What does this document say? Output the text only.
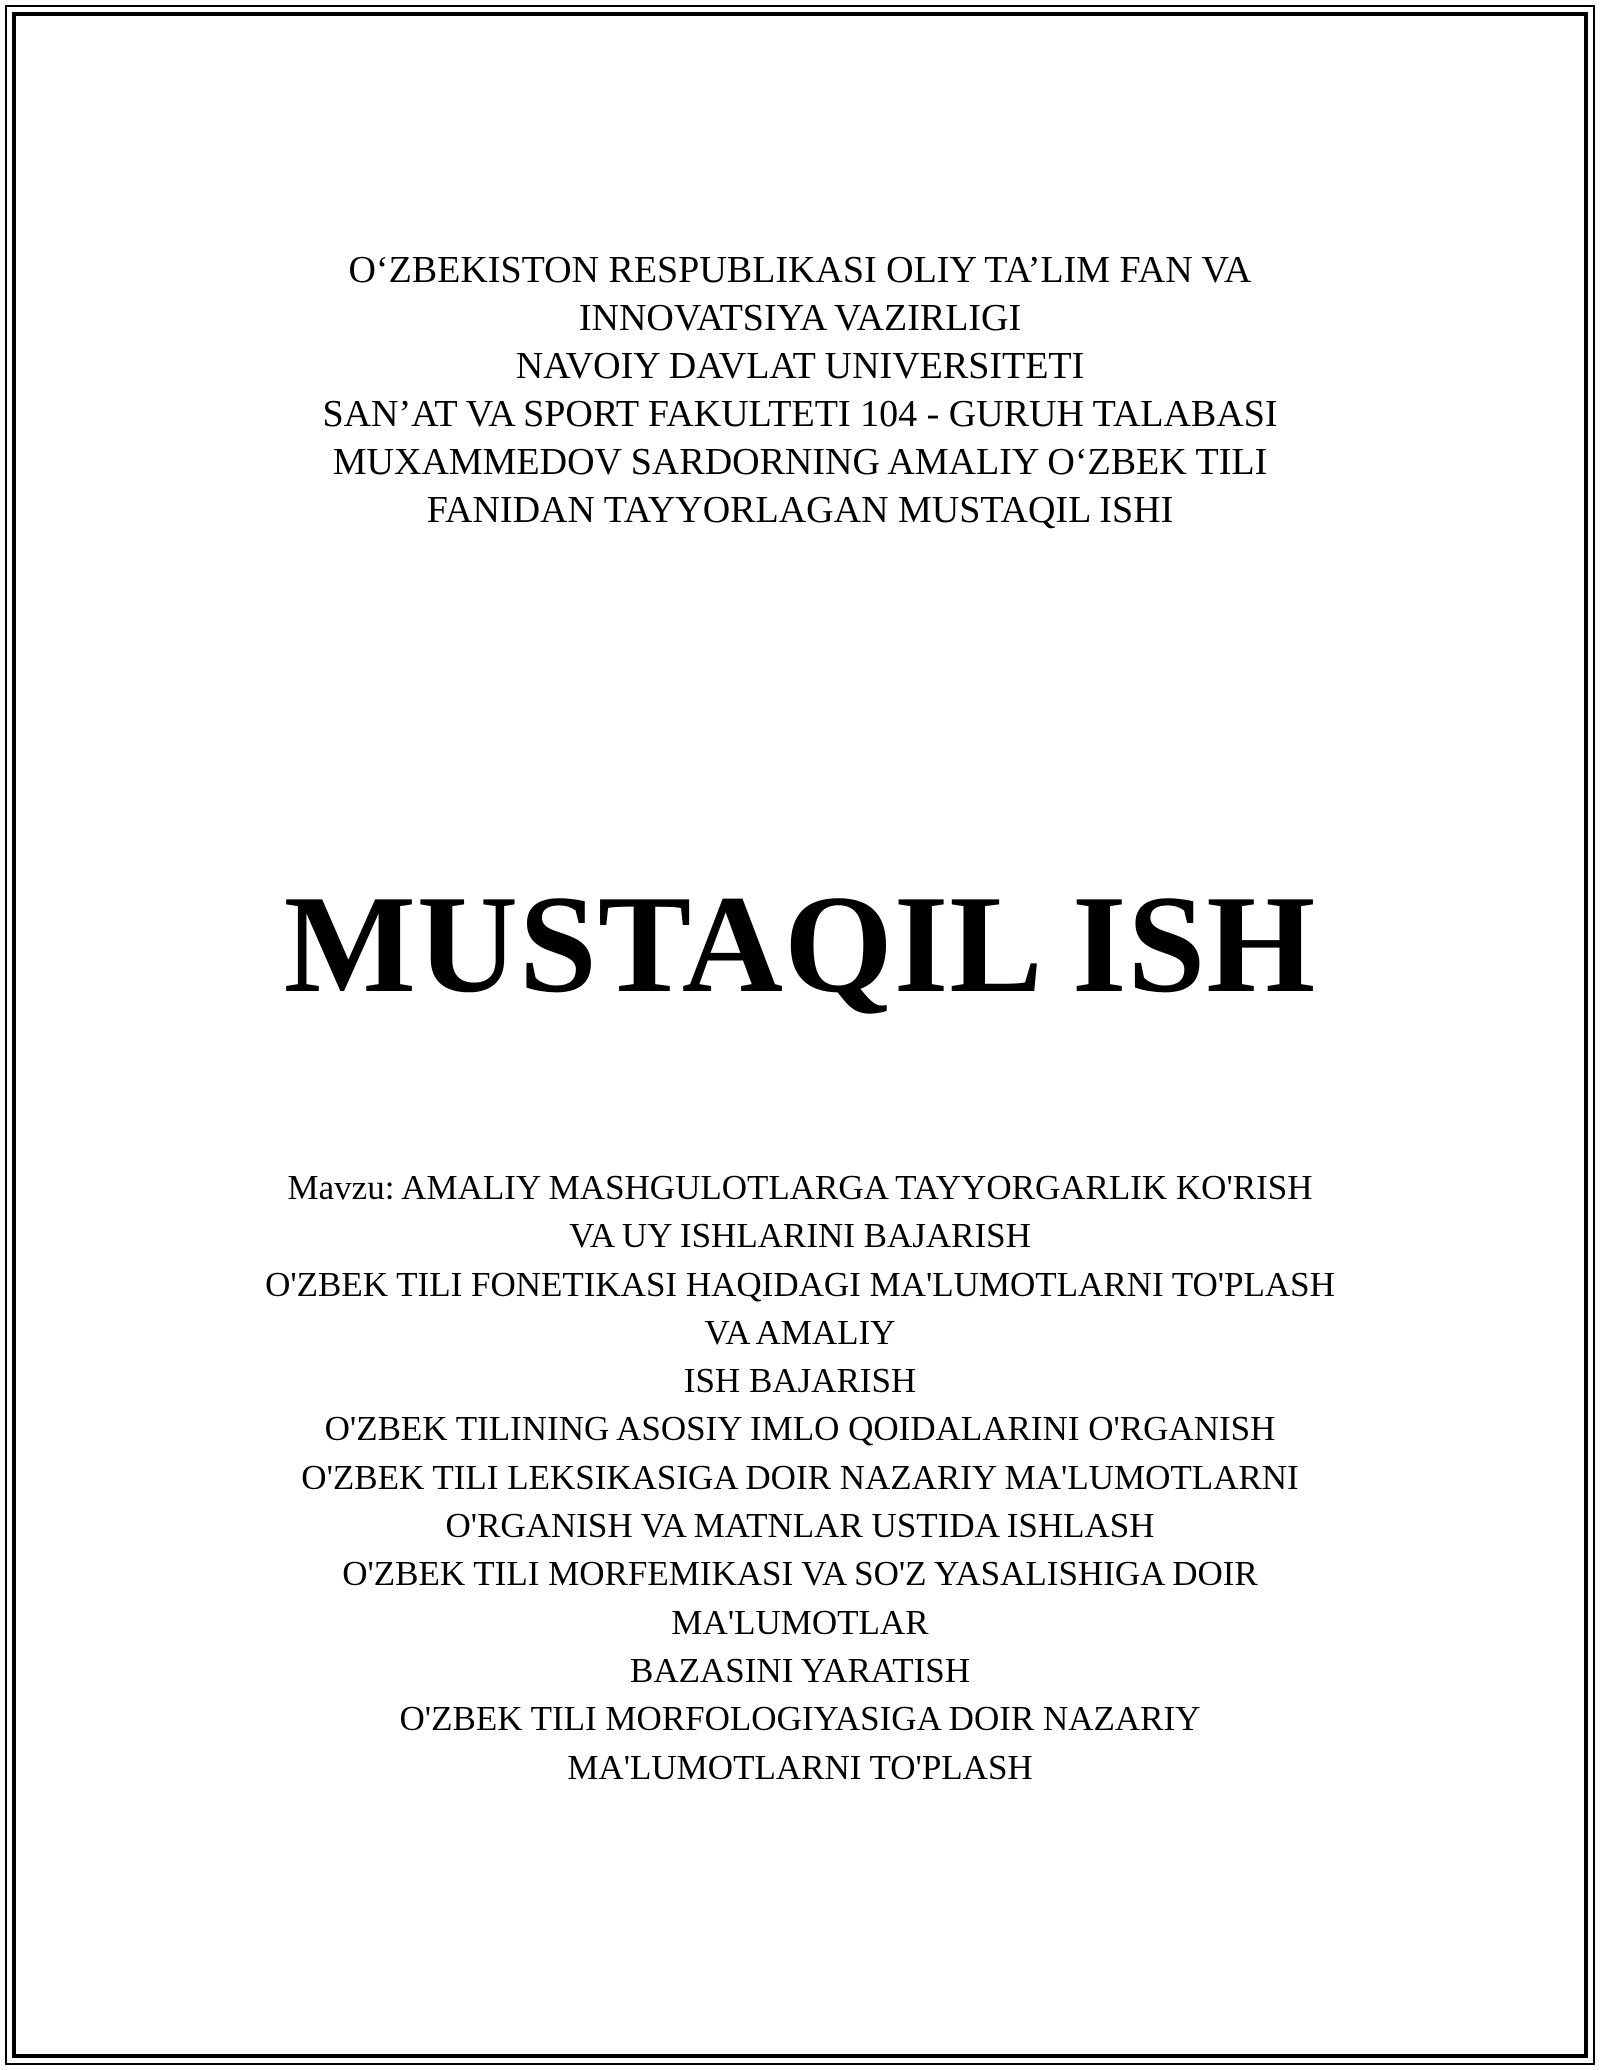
O‘ZBEKISTON RESPUBLIKASI OLIY TA’LIM FAN VA
INNOVATSIYA VAZIRLIGI
NAVOIY DAVLAT UNIVERSITETI
SAN’AT VA SPORT FAKULTETI 104 - GURUH TALABASI
MUXAMMEDOV SARDORNING AMALIY O‘ZBEK TILI
FANIDAN TAYYORLAGAN MUSTAQIL ISHI
MUSTAQIL ISH
Mavzu: AMALIY MASHGULOTLARGA TAYYORGARLIK KO'RISH
VA UY ISHLARINI BAJARISH
O'ZBEK TILI FONETIKASI HAQIDAGI MA'LUMOTLARNI TO'PLASH
VA AMALIY
ISH BAJARISH
O'ZBEK TILINING ASOSIY IMLO QOIDALARINI O'RGANISH
O'ZBEK TILI LEKSIKASIGA DOIR NAZARIY MA'LUMOTLARNI
O'RGANISH VA MATNLAR USTIDA ISHLASH
O'ZBEK TILI MORFEMIKASI VA SO'Z YASALISHIGA DOIR
MA'LUMOTLAR
BAZASINI YARATISH
O'ZBEK TILI MORFOLOGIYASIGA DOIR NAZARIY
MA'LUMOTLARNI TO'PLASH
